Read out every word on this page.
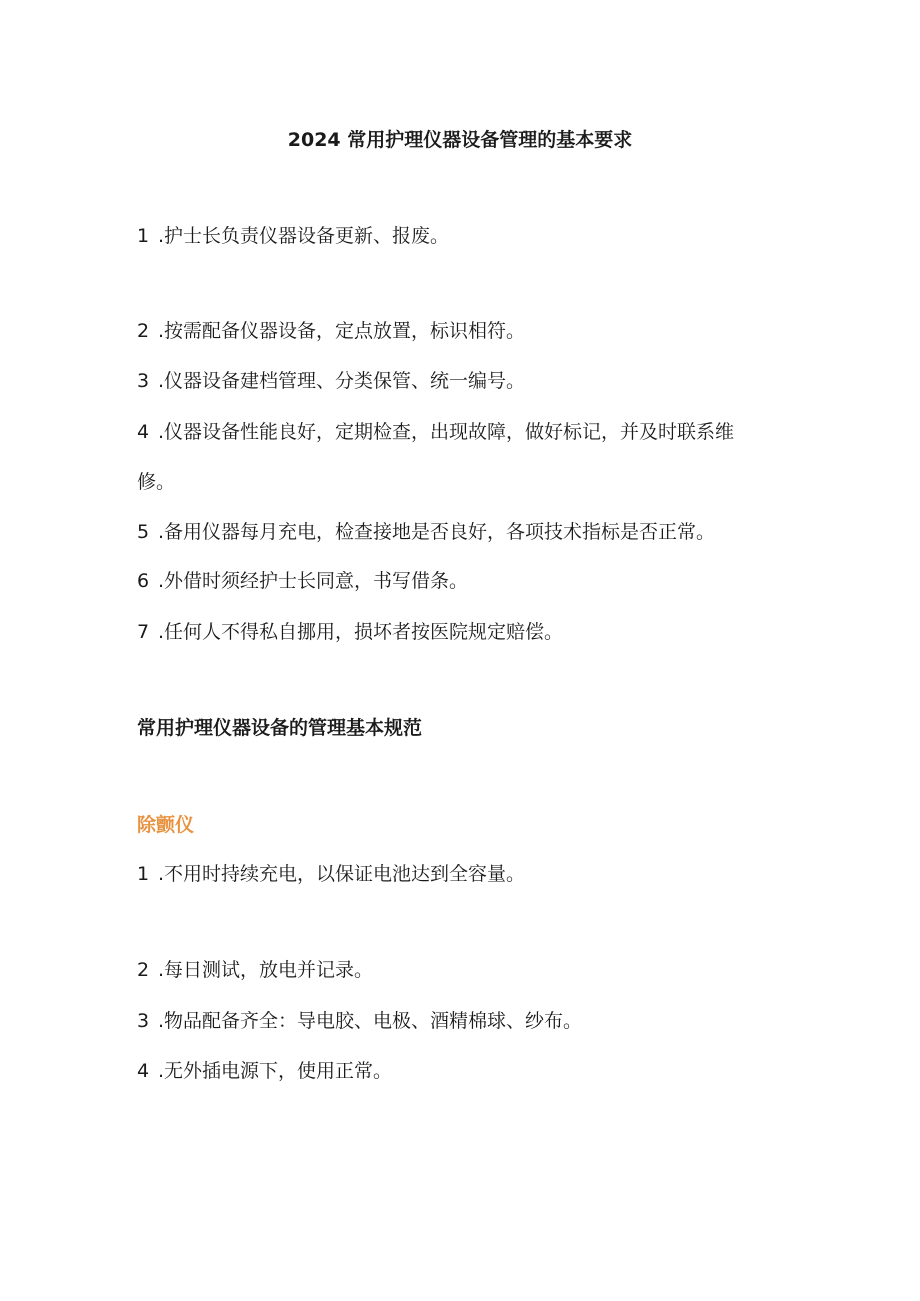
2024 常用护理仪器设备管理的基本要求
1 .护士长负责仪器设备更新、报废。
2 .按需配备仪器设备，定点放置，标识相符。
3 .仪器设备建档管理、分类保管、统一编号。
4 .仪器设备性能良好，定期检查，出现故障，做好标记，并及时联系维
修。
5 .备用仪器每月充电，检查接地是否良好，各项技术指标是否正常。
6 .外借时须经护士长同意，书写借条。
7 .任何人不得私自挪用，损坏者按医院规定赔偿。
常用护理仪器设备的管理基本规范
除颤仪
1 .不用时持续充电，以保证电池达到全容量。
2 .每日测试，放电并记录。
3 .物品配备齐全：导电胶、电极、酒精棉球、纱布。
4 .无外插电源下，使用正常。
